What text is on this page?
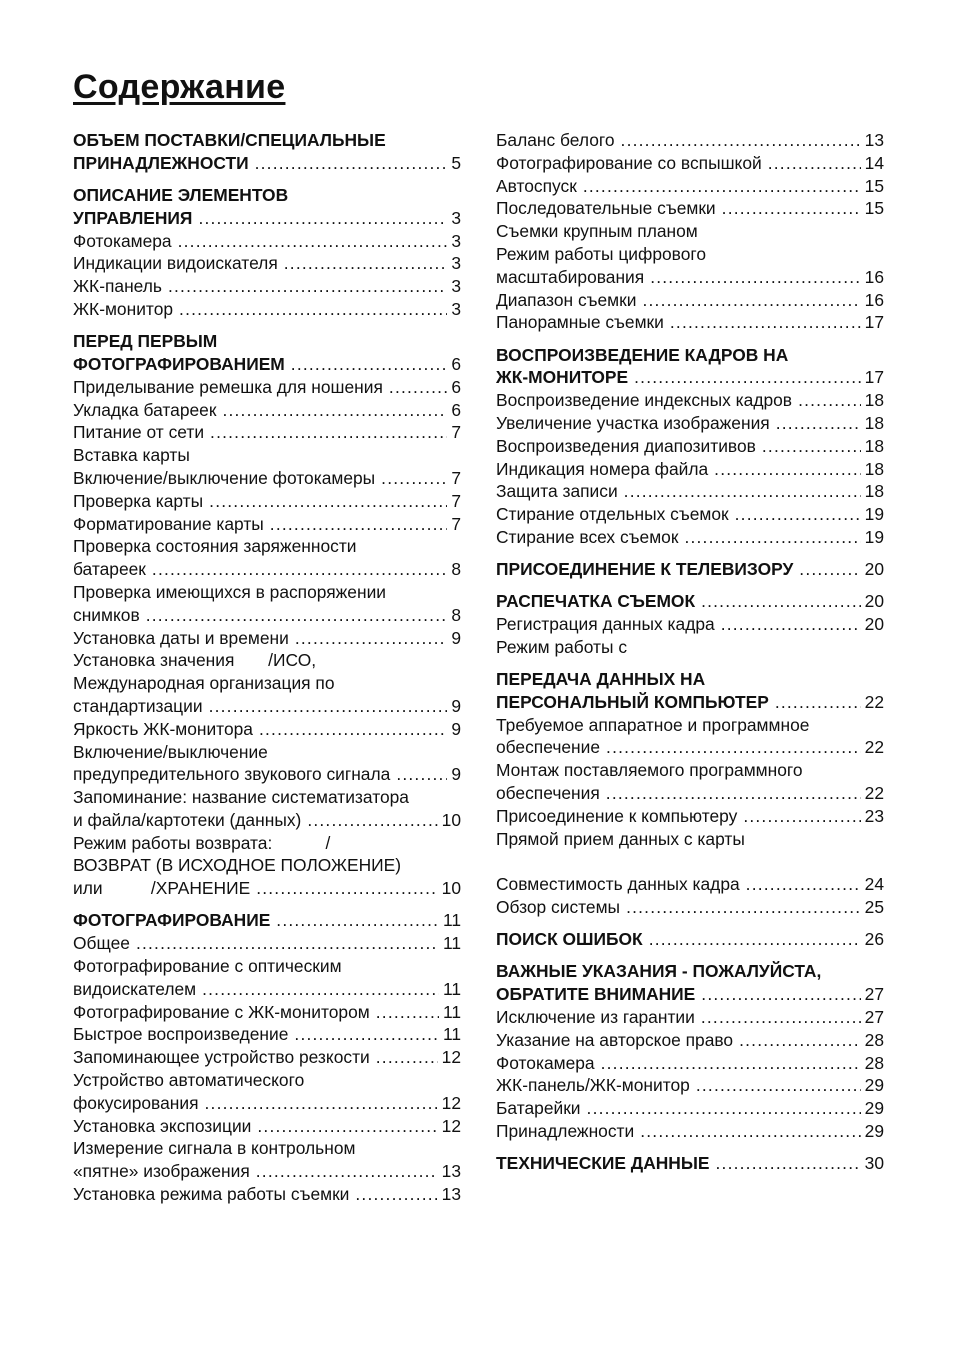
Содержание
ОБЪЕМ ПОСТАВКИ/СПЕЦИАЛЬНЫЕ
ПРИНАДЛЕЖНОСТИ .....	5
ОПИСАНИЕ ЭЛЕМЕНТОВ
УПРАВЛЕНИЯ .....	3
Фотокамера .....	3
Индикации видоискателя .....	3
ЖК-панель .....	3
ЖК-монитор .....	3
ПЕРЕД ПЕРВЫМ
ФОТОГРАФИРОВАНИЕМ .....	6
Приделывание ремешка для ношения .....	6
Укладка батареек .....	6
Питание от сети .....	7
Вставка карты
Включение/выключение фотокамеры .....	7
Проверка карты .....	7
Форматирование карты .....	7
Проверка состояния заряженности
батареек .....	8
Проверка имеющихся в распоряжении
снимков .....	8
Установка даты и времени .....	9
Установка значения       /ИСО,
Международная организация по
стандартизации .....	9
Яркость ЖК-монитора .....	9
Включение/выключение
предупредительного звукового сигнала .....	9
Запоминание: название систематизатора
и файла/картотеки (данных) .....	10
Режим работы возврата:           /
ВОЗВРАТ (В ИСХОДНОЕ ПОЛОЖЕНИЕ)
или          /ХРАНЕНИЕ .....	10
ФОТОГРАФИРОВАНИЕ .....	11
Общее .....	11
Фотографирование с оптическим
видоискателем .....	11
Фотографирование с ЖК-монитором .....	11
Быстрое воспроизведение .....	11
Запоминающее устройство резкости .....	12
Устройство автоматического
фокусирования .....	12
Установка экспозиции .....	12
Измерение сигнала в контрольном
«пятне» изображения .....	13
Установка режима работы съемки .....	13
Баланс белого .....	13
Фотографирование со вспышкой .....	14
Автоспуск .....	15
Последовательные съемки .....	15
Съемки крупным планом
Режим работы цифрового
масштабирования .....	16
Диапазон съемки .....	16
Панорамные съемки .....	17
ВОСПРОИЗВЕДЕНИЕ КАДРОВ НА
ЖК-МОНИТОРЕ .....	17
Воспроизведение индексных кадров .....	18
Увеличение участка изображения .....	18
Воспроизведения диапозитивов .....	18
Индикация номера файла .....	18
Защита записи .....	18
Стирание отдельных съемок .....	19
Стирание всех съемок .....	19
ПРИСОЕДИНЕНИЕ К ТЕЛЕВИЗОРУ .....	20
РАСПЕЧАТКА СЪЕМОК .....	20
Регистрация данных кадра .....	20
Режим работы с
ПЕРЕДАЧА ДАННЫХ НА
ПЕРСОНАЛЬНЫЙ КОМПЬЮТЕР .....	22
Требуемое аппаратное и программное
обеспечение .....	22
Монтаж поставляемого программного
обеспечения .....	22
Присоединение к компьютеру .....	23
Прямой прием данных с карты
Совместимость данных кадра .....	24
Обзор системы .....	25
ПОИСК ОШИБОК .....	26
ВАЖНЫЕ УКАЗАНИЯ - ПОЖАЛУЙСТА,
ОБРАТИТЕ ВНИМАНИЕ .....	27
Исключение из гарантии .....	27
Указание на авторское право .....	28
Фотокамера .....	28
ЖК-панель/ЖК-монитор .....	29
Батарейки .....	29
Принадлежности .....	29
ТЕХНИЧЕСКИЕ ДАННЫЕ .....	30
